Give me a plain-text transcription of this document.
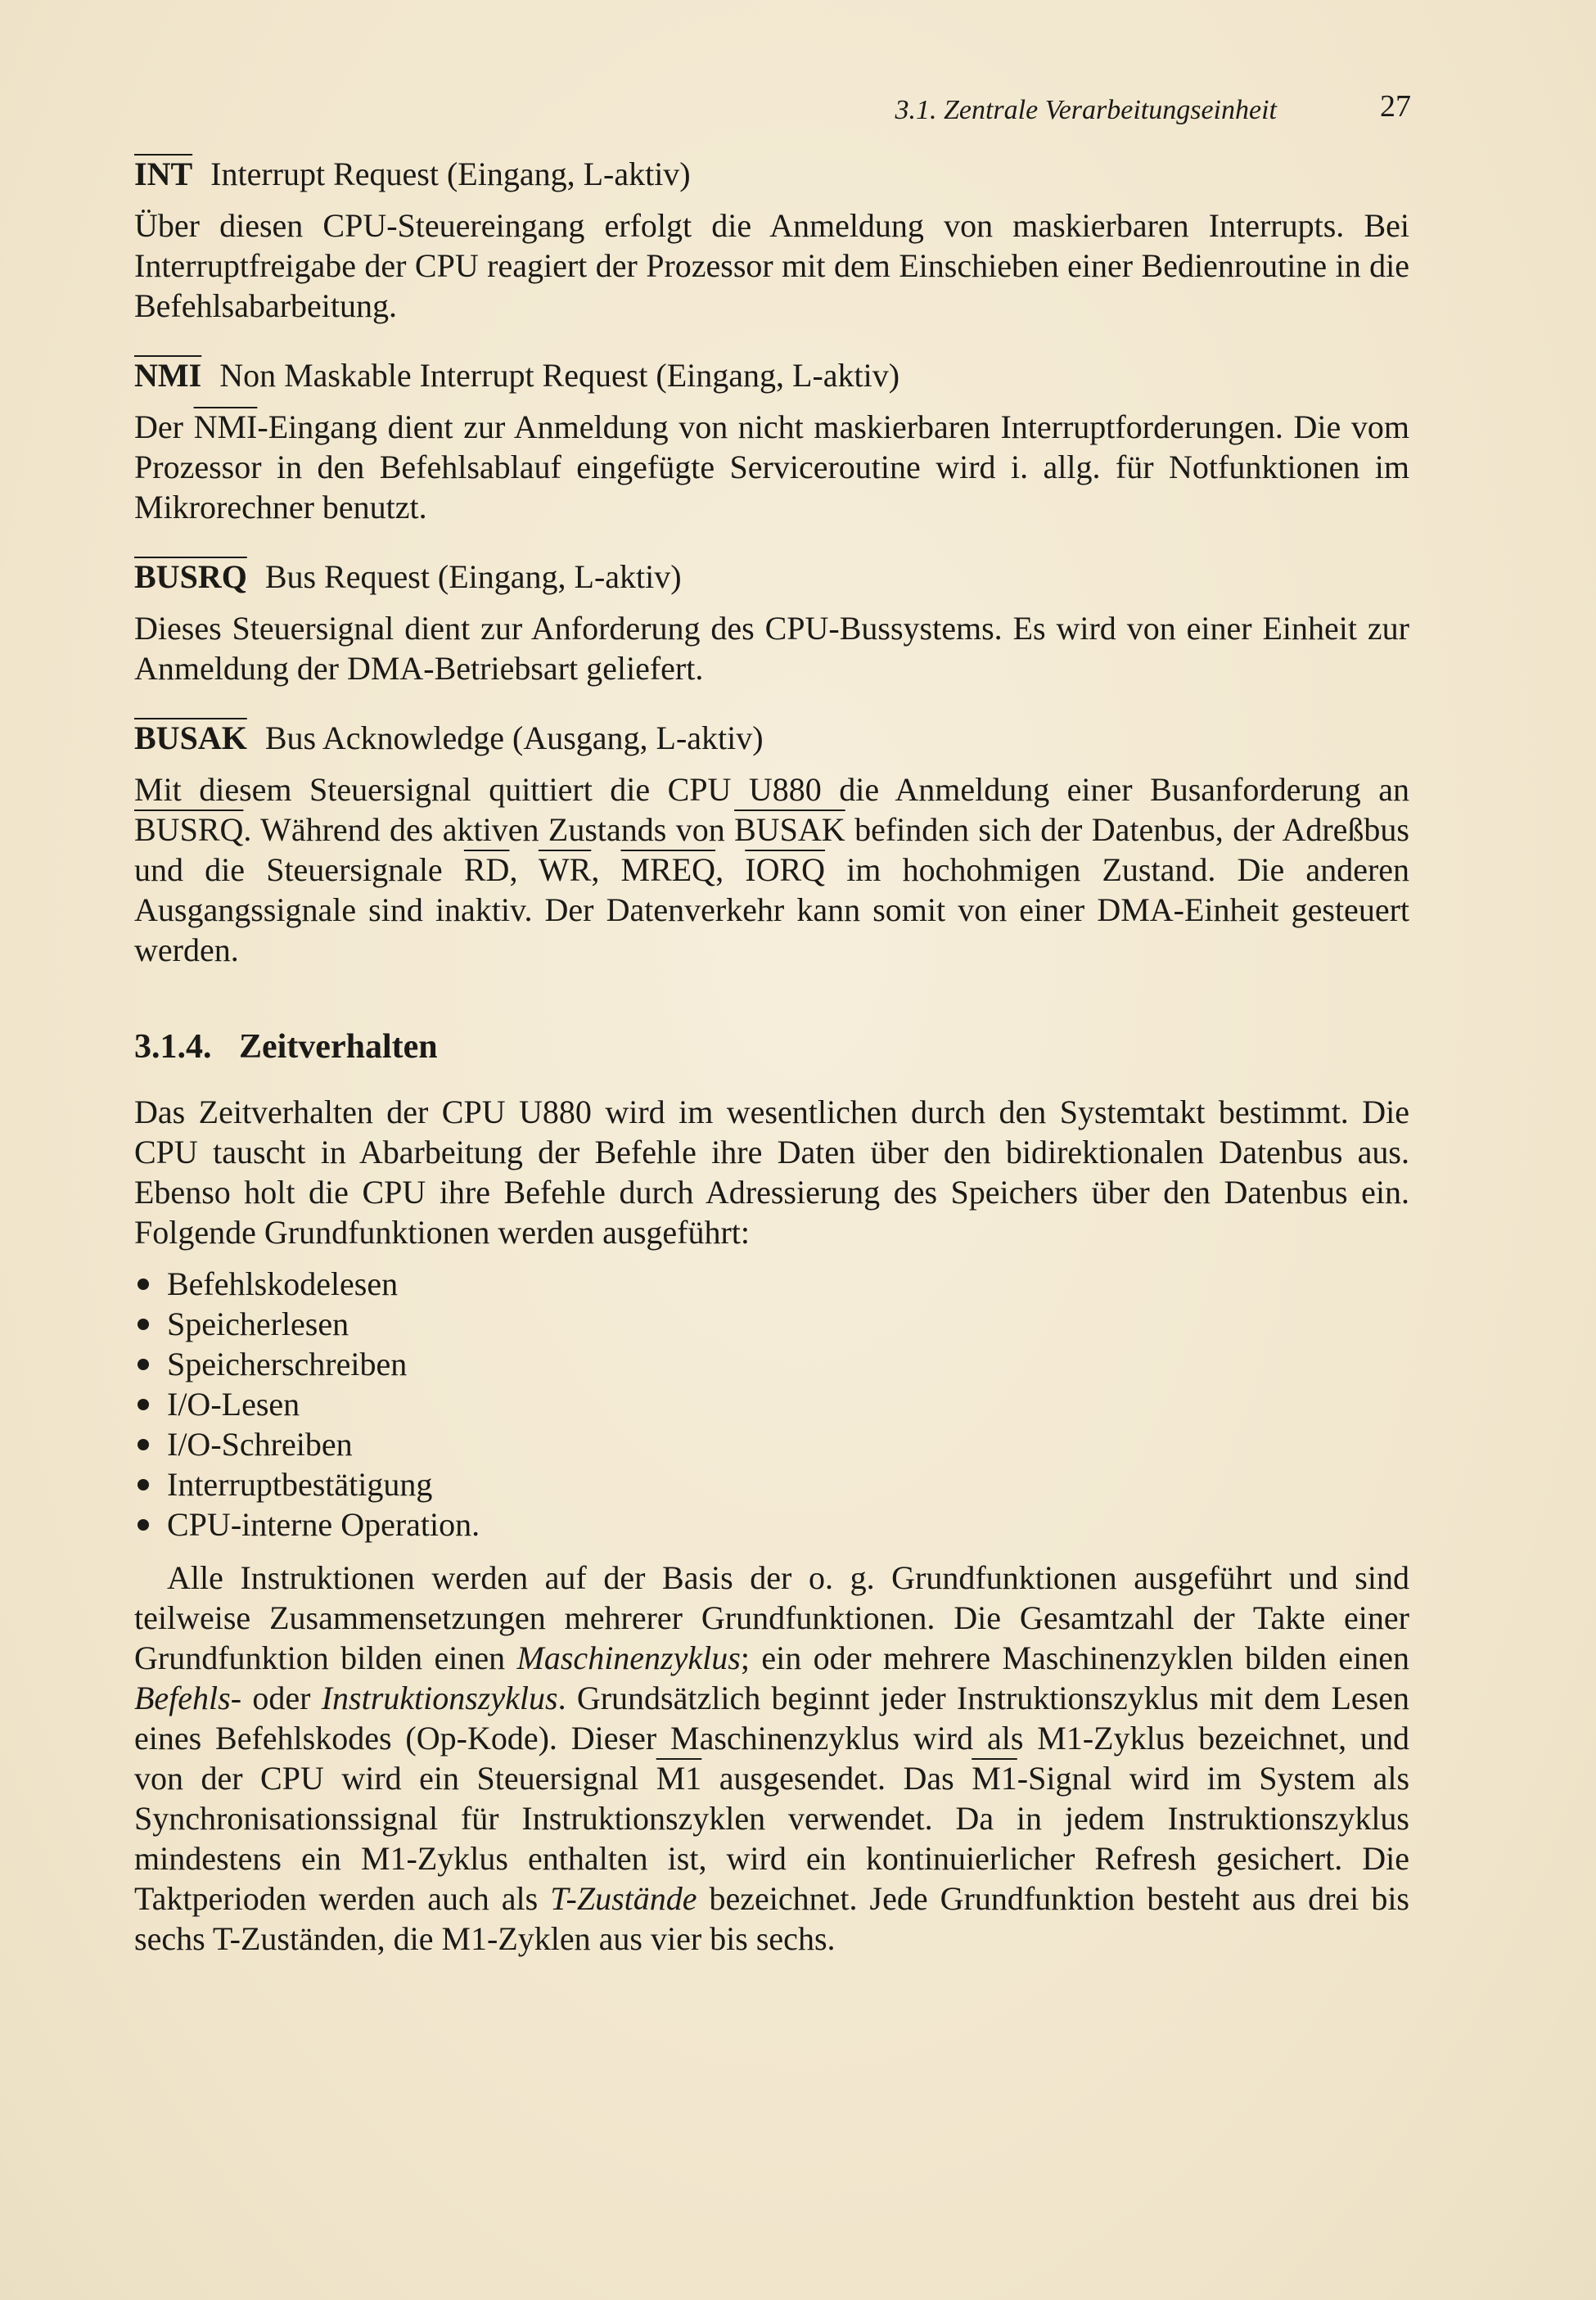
3.1. Zentrale Verarbeitungseinheit	27

$\overline{INT}$ Interrupt Request (Eingang, L-aktiv)

Über diesen CPU-Steuereingang erfolgt die Anmeldung von maskierbaren Interrupts. Bei Interruptfreigabe der CPU reagiert der Prozessor mit dem Einschieben einer Bedienroutine in die Befehlsabarbeitung.

$\overline{NMI}$ Non Maskable Interrupt Request (Eingang, L-aktiv)

Der $\overline{NMI}$-Eingang dient zur Anmeldung von nicht maskierbaren Interruptforderungen. Die vom Prozessor in den Befehlsablauf eingefügte Serviceroutine wird i. allg. für Notfunktionen im Mikrorechner benutzt.

BUSRQ Bus Request (Eingang, L-aktiv)

Dieses Steuersignal dient zur Anforderung des CPU-Bussystems. Es wird von einer Einheit zur Anmeldung der DMA-Betriebsart geliefert.

BUSAK Bus Acknowledge (Ausgang, L-aktiv)

Mit diesem Steuersignal quittiert die CPU U880 die Anmeldung einer Busanforderung an BUSRQ. Während des aktiven Zustands von BUSAK befinden sich der Datenbus, der Adreßbus und die Steuersignale $\overline{RD}$, $\overline{WR}$, MREQ, IORQ im hochohmigen Zustand. Die anderen Ausgangssignale sind inaktiv. Der Datenverkehr kann somit von einer DMA-Einheit gesteuert werden.

3.1.4. Zeitverhalten

Das Zeitverhalten der CPU U880 wird im wesentlichen durch den Systemtakt bestimmt. Die CPU tauscht in Abarbeitung der Befehle ihre Daten über den bidirektionalen Datenbus aus. Ebenso holt die CPU ihre Befehle durch Adressierung des Speichers über den Datenbus ein. Folgende Grundfunktionen werden ausgeführt:

Befehlskodelesen
Speicherlesen
Speicherschreiben
I/O-Lesen
I/O-Schreiben
Interruptbestätigung
CPU-interne Operation.

Alle Instruktionen werden auf der Basis der o. g. Grundfunktionen ausgeführt und sind teilweise Zusammensetzungen mehrerer Grundfunktionen. Die Gesamtzahl der Takte einer Grundfunktion bilden einen Maschinenzyklus; ein oder mehrere Maschinenzyklen bilden einen Befehls- oder Instruktionszyklus. Grundsätzlich beginnt jeder Instruktionszyklus mit dem Lesen eines Befehlskodes (Op-Kode). Dieser Maschinenzyklus wird als M1-Zyklus bezeichnet, und von der CPU wird ein Steuersignal M1 ausgesendet. Das M1-Signal wird im System als Synchronisationssignal für Instruktionszyklen verwendet. Da in jedem Instruktionszyklus mindestens ein M1-Zyklus enthalten ist, wird ein kontinuierlicher Refresh gesichert. Die Taktperioden werden auch als T-Zustände bezeichnet. Jede Grundfunktion besteht aus drei bis sechs T-Zuständen, die M1-Zyklen aus vier bis sechs.
